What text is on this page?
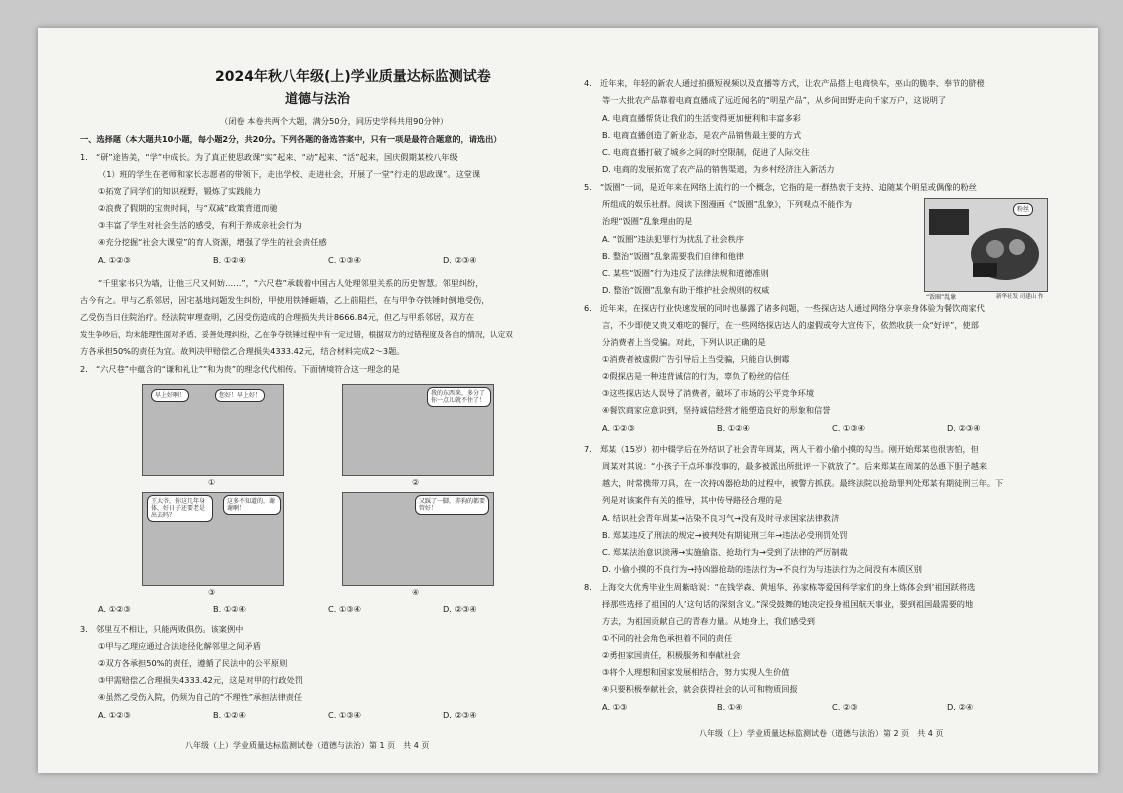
2024年秋八年级(上)学业质量达标监测试卷
道德与法治
（闭卷 本卷共两个大题，满分50分，同历史学科共用90分钟）
一、选择题（本大题共10小题，每小题2分，共20分。下列各题的备选答案中，只有一项是最符合题意的，请选出）
1.　“研”途皆美，“学”中成长。为了真正使思政课“实”起来、“动”起来、“活”起来，国庆假期某校八年级
（1）班的学生在老师和家长志愿者的带领下，走出学校、走进社会，开展了一堂“行走的思政课”。这堂课
①拓宽了同学们的知识视野，锻炼了实践能力
②浪费了假期的宝贵时间，与“双减”政策背道而驰
③丰富了学生对社会生活的感受，有利于养成亲社会行为
④充分挖掘“社会大课堂”的育人资源，增强了学生的社会责任感
A. ①②③	B. ①②④	C. ①③④	D. ②③④
“千里家书只为墙，让他三尺又何妨……”，“六尺巷”承载着中国古人处理邻里关系的历史智慧。邻里纠纷，
古今有之。甲与乙系邻居，因宅基地问题发生纠纷，甲使用铁锤砸墙，乙上前阻拦，在与甲争夺铁锤时倒地受伤，
乙受伤当日住院治疗。经法院审理查明，乙因受伤造成的合理损失共计8666.84元，但乙与甲系邻居，双方在
发生争吵后，均未能理性面对矛盾、妥善处理纠纷，乙在争夺铁锤过程中有一定过错，根据双方的过错程度及各自的情况，认定双
方各承担50%的责任为宜。故判决甲赔偿乙合理损失4333.42元，结合材料完成2～3题。
2.　“六尺巷”中蕴含的“谦和礼让”“和为贵”的理念代代相传。下面情境符合这一理念的是
早上好啊！	您好！早上好！
①
我的东西来，多分了你一点儿就不住了！
②
王大爷，你这几年身体，好日子还要老是出去吗？
这多不知道的，谢谢啊！
③
又踩了一脚，养狗的都要管好！
④
A. ①②③	B. ①②④	C. ①③④	D. ②③④
3.　邻里互不相让，只能两败俱伤。该案例中
①甲与乙理应通过合法途径化解邻里之间矛盾
②双方各承担50%的责任，遵循了民法中的公平原则
③甲需赔偿乙合理损失4333.42元，这是对甲的行政处罚
④虽然乙受伤入院，仍须为自己的“不理性”承担法律责任
A. ①②③	B. ①②④	C. ①③④	D. ②③④
八年级（上）学业质量达标监测试卷（道德与法治）第 1 页　共 4 页
4.　近年来，年轻的新农人通过拍摄短视频以及直播等方式，让农产品搭上电商快车，巫山的脆李、奉节的脐橙
等一大批农产品靠着电商直播成了远近闻名的“明星产品”，从乡间田野走向千家万户，这说明了
A. 电商直播帮货让我们的生活变得更加便利和丰富多彩
B. 电商直播创造了新业态，是农产品销售最主要的方式
C. 电商直播打破了城乡之间的时空限制，促进了人际交往
D. 电商的发展拓宽了农产品的销售渠道，为乡村经济注入新活力
5.　“饭圈”一词，是近年来在网络上流行的一个概念，它指的是一群热衷于支持、追随某个明星或偶像的粉丝
所组成的娱乐社群。阅读下图漫画《“饭圈”乱象》，下列观点不能作为
治理“饭圈”乱象理由的是
A. “饭圈”违法犯罪行为扰乱了社会秩序
B. 整治“饭圈”乱象需要我们自律和他律
C. 某些“饭圈”行为违反了法律法规和道德准则
D. 整治“饭圈”乱象有助于维护社会规则的权威
粉丝
“饭圈”乱象	新华社发 司建山 作
6.　近年来，在探店行业快速发展的同时也暴露了诸多问题，一些探店达人通过网络分享亲身体验为餐饮商家代
言，不少即使又贵又难吃的餐厅，在一些网络探店达人的虚假或夸大宣传下，依然收获一众“好评”，使部
分消费者上当受骗。对此，下列认识正确的是
①消费者被虚假广告引导后上当受骗，只能自认倒霉
②假探店是一种违背诚信的行为，辜负了粉丝的信任
③这些探店达人误导了消费者，破坏了市场的公平竞争环境
④餐饮商家应意识到，坚持诚信经营才能塑造良好的形象和信誉
A. ①②③	B. ①②④	C. ①③④	D. ②③④
7.　郑某（15岁）初中辍学后在外结识了社会青年周某，两人干着小偷小摸的勾当。刚开始郑某也很害怕，但
周某对其说：“小孩子干点坏事没事的，最多被派出所批评一下就放了”。后来郑某在周某的怂恿下胆子越来
越大，时常携带刀具，在一次持凶器抢劫的过程中，被警方抓获。最终法院以抢劫罪判处郑某有期徒刑三年。下
列是对该案件有关的推导，其中传导路径合理的是
A. 结识社会青年周某→沾染不良习气→没有及时寻求国家法律救济
B. 郑某违反了刑法的规定→被判处有期徒刑三年→违法必受刑罚处罚
C. 郑某法治意识淡薄→实施偷盗、抢劫行为→受到了法律的严厉制裁
D. 小偷小摸的不良行为→持凶器抢劫的违法行为→不良行为与违法行为之间没有本质区别
8.　上海交大优秀毕业生周紫晗说：“在钱学森、黄旭华、孙家栋等爱国科学家们的身上炼体会到‘祖国跃将选
择那些选择了祖国的人’这句话的深刻含义。”深受鼓舞的她决定投身祖国航天事业，要到祖国最需要的地
方去，为祖国贡献自己的青春力量。从她身上，我们感受到
①不同的社会角色承担着不同的责任
②勇担家国责任，积极服务和奉献社会
③将个人理想和国家发展相结合，努力实现人生价值
④只要积极奉献社会，就会获得社会的认可和物质回报
A. ①③	B. ①④	C. ②③	D. ②④
八年级（上）学业质量达标监测试卷（道德与法治）第 2 页　共 4 页
